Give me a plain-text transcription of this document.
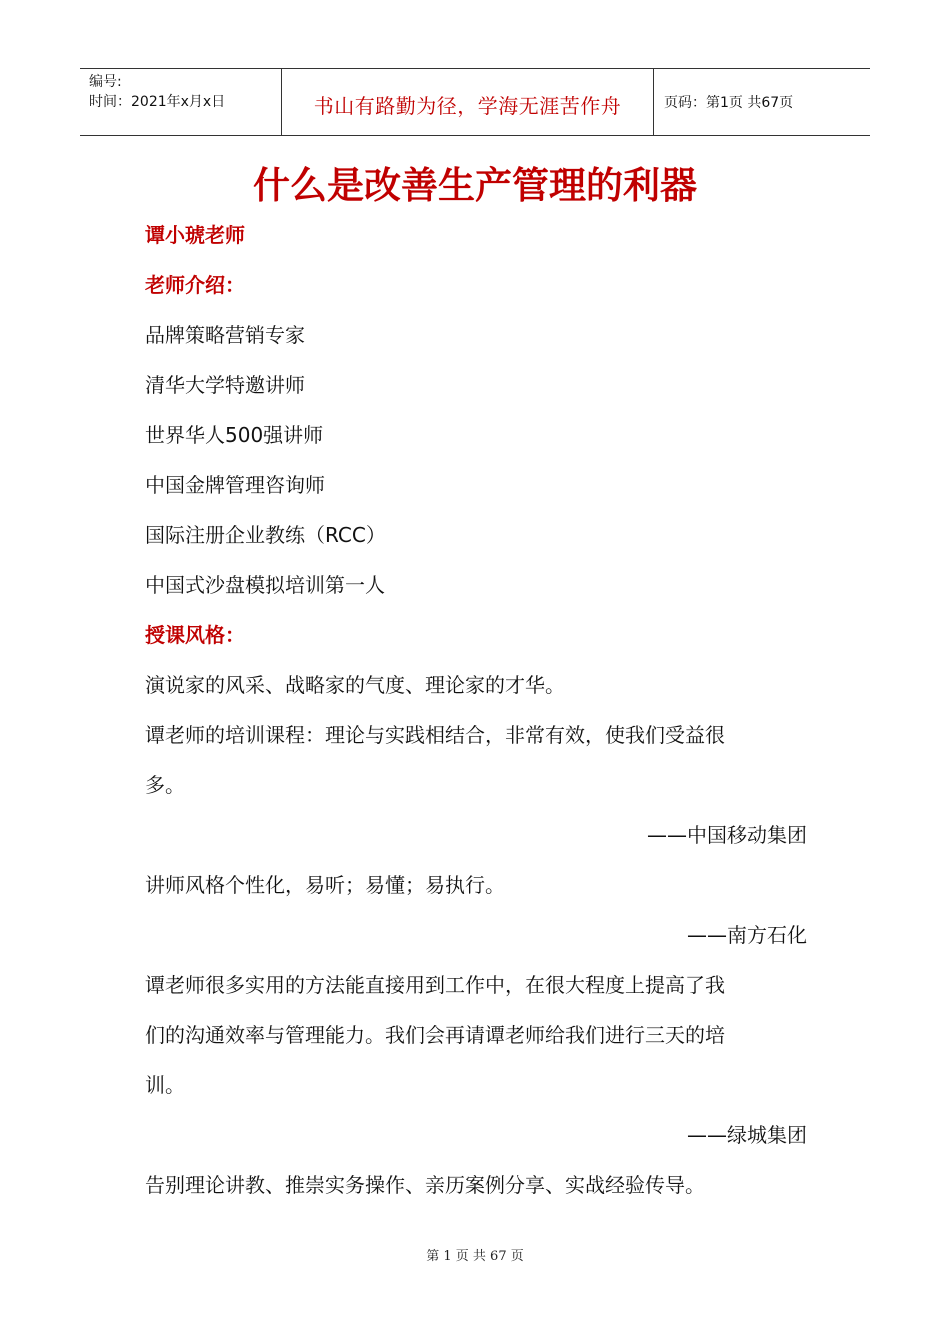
编号:
时间：2021年x月x日	书山有路勤为径，学海无涯苦作舟	页码：第1页 共67页
什么是改善生产管理的利器

谭小琥老师

老师介绍：

品牌策略营销专家

清华大学特邀讲师

世界华人500强讲师

中国金牌管理咨询师

国际注册企业教练（RCC）

中国式沙盘模拟培训第一人

授课风格：

演说家的风采、战略家的气度、理论家的才华。

谭老师的培训课程：理论与实践相结合，非常有效，使我们受益很

多。

——中国移动集团

讲师风格个性化，易听；易懂；易执行。

——南方石化

谭老师很多实用的方法能直接用到工作中，在很大程度上提高了我

们的沟通效率与管理能力。我们会再请谭老师给我们进行三天的培

训。

——绿城集团

告别理论讲教、推崇实务操作、亲历案例分享、实战经验传导。

第 1 页 共 67 页
